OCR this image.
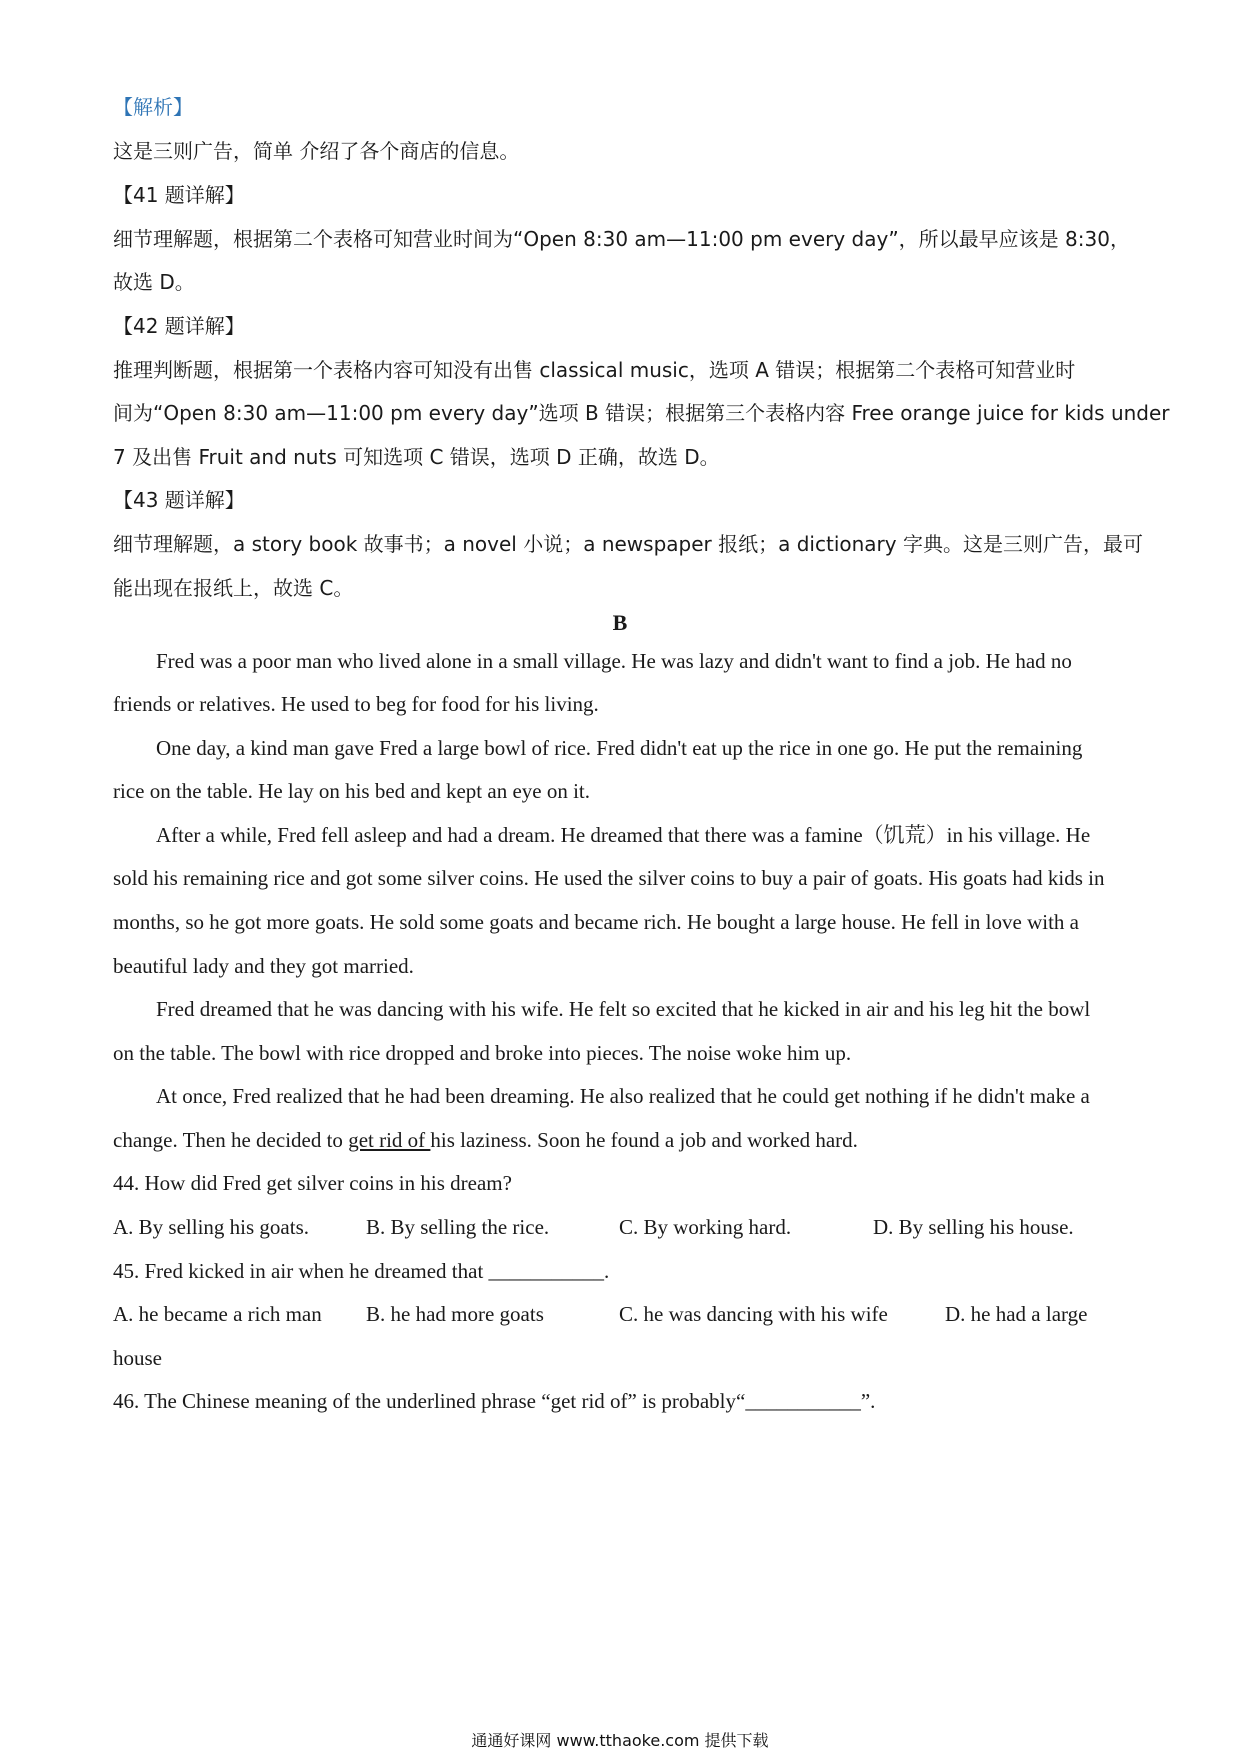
【解析】
这是三则广告，简单 介绍了各个商店的信息。
【41 题详解】
细节理解题，根据第二个表格可知营业时间为“Open 8:30 am—11:00 pm every day”，所以最早应该是 8:30，
故选 D。
【42 题详解】
推理判断题，根据第一个表格内容可知没有出售 classical music，选项 A 错误；根据第二个表格可知营业时
间为“Open 8:30 am—11:00 pm every day”选项 B 错误；根据第三个表格内容 Free orange juice for kids under
7 及出售 Fruit and nuts 可知选项 C 错误，选项 D 正确，故选 D。
【43 题详解】
细节理解题，a story book 故事书；a novel 小说；a newspaper 报纸；a dictionary 字典。这是三则广告，最可
能出现在报纸上，故选 C。
B
Fred was a poor man who lived alone in a small village. He was lazy and didn't want to find a job. He had no
friends or relatives. He used to beg for food for his living.
One day, a kind man gave Fred a large bowl of rice. Fred didn't eat up the rice in one go. He put the remaining
rice on the table. He lay on his bed and kept an eye on it.
After a while, Fred fell asleep and had a dream. He dreamed that there was a famine（饥荒）in his village. He
sold his remaining rice and got some silver coins. He used the silver coins to buy a pair of goats. His goats had kids in
months, so he got more goats. He sold some goats and became rich. He bought a large house. He fell in love with a
beautiful lady and they got married.
Fred dreamed that he was dancing with his wife. He felt so excited that he kicked in air and his leg hit the bowl
on the table. The bowl with rice dropped and broke into pieces. The noise woke him up.
At once, Fred realized that he had been dreaming. He also realized that he could get nothing if he didn't make a
change. Then he decided to get rid of his laziness. Soon he found a job and worked hard.
44. How did Fred get silver coins in his dream?
A. By selling his goats.	B. By selling the rice.	C. By working hard.	D. By selling his house.
45. Fred kicked in air when he dreamed that ___________.
A. he became a rich man B. he had more goats	C. he was dancing with his wife	D. he had a large
house
46. The Chinese meaning of the underlined phrase “get rid of” is probably“___________”.
通通好课网 www.tthaoke.com 提供下载
